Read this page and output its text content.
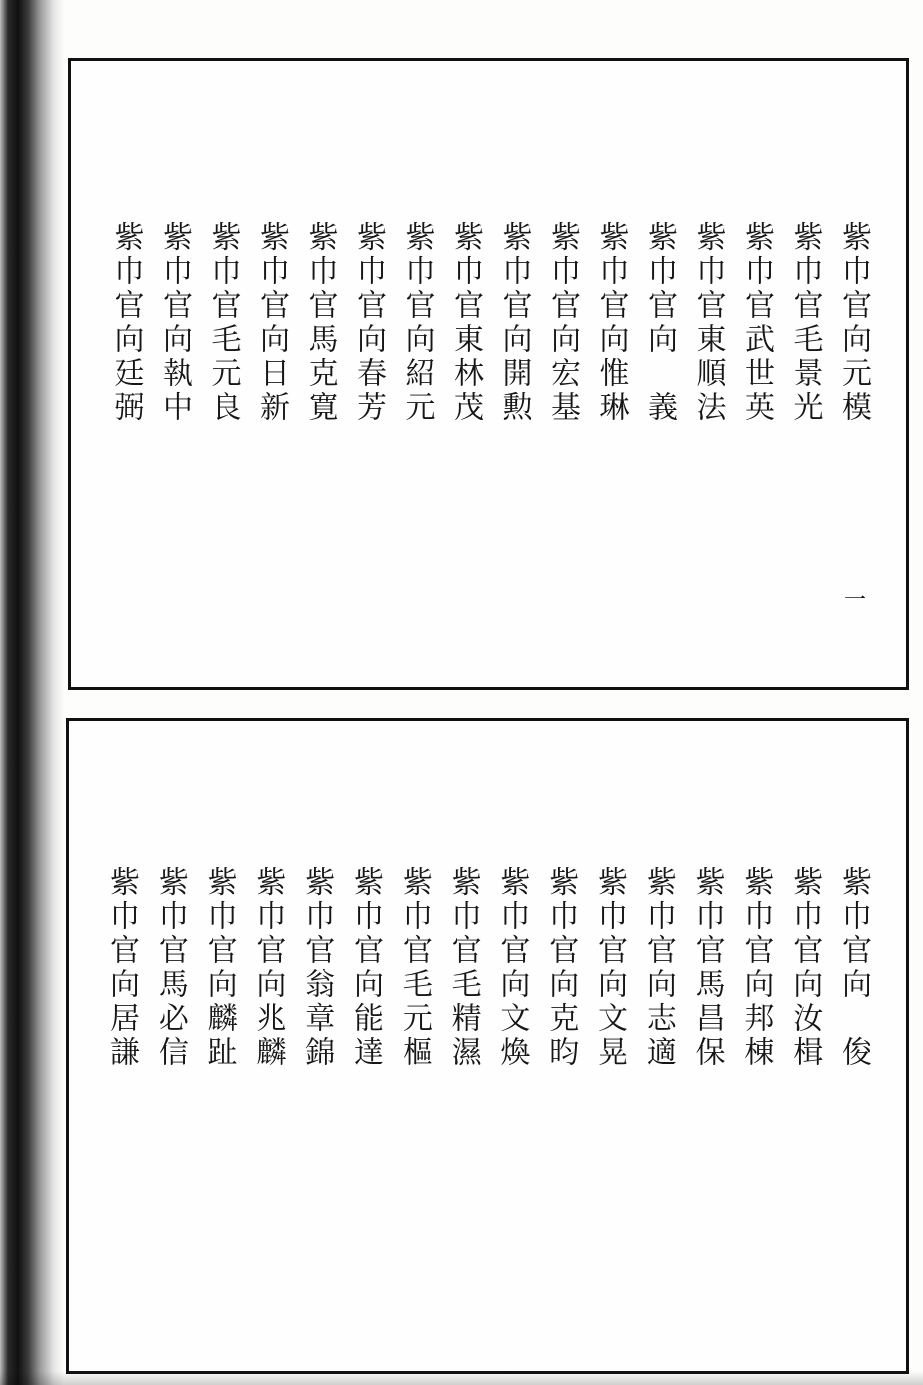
紫巾官向元模
紫巾官毛景光
紫巾官武世英
紫巾官東順法
紫巾官向　義
紫巾官向惟琳
紫巾官向宏基
紫巾官向開勲
紫巾官東林茂
紫巾官向紹元
紫巾官向春芳
紫巾官馬克寛
紫巾官向日新
紫巾官毛元良
紫巾官向執中
紫巾官向廷弼
一
紫巾官向　俊
紫巾官向汝楫
紫巾官向邦棟
紫巾官馬昌保
紫巾官向志適
紫巾官向文晃
紫巾官向克昀
紫巾官向文煥
紫巾官毛精濕
紫巾官毛元樞
紫巾官向能達
紫巾官翁章錦
紫巾官向兆麟
紫巾官向麟趾
紫巾官馬必信
紫巾官向居謙
